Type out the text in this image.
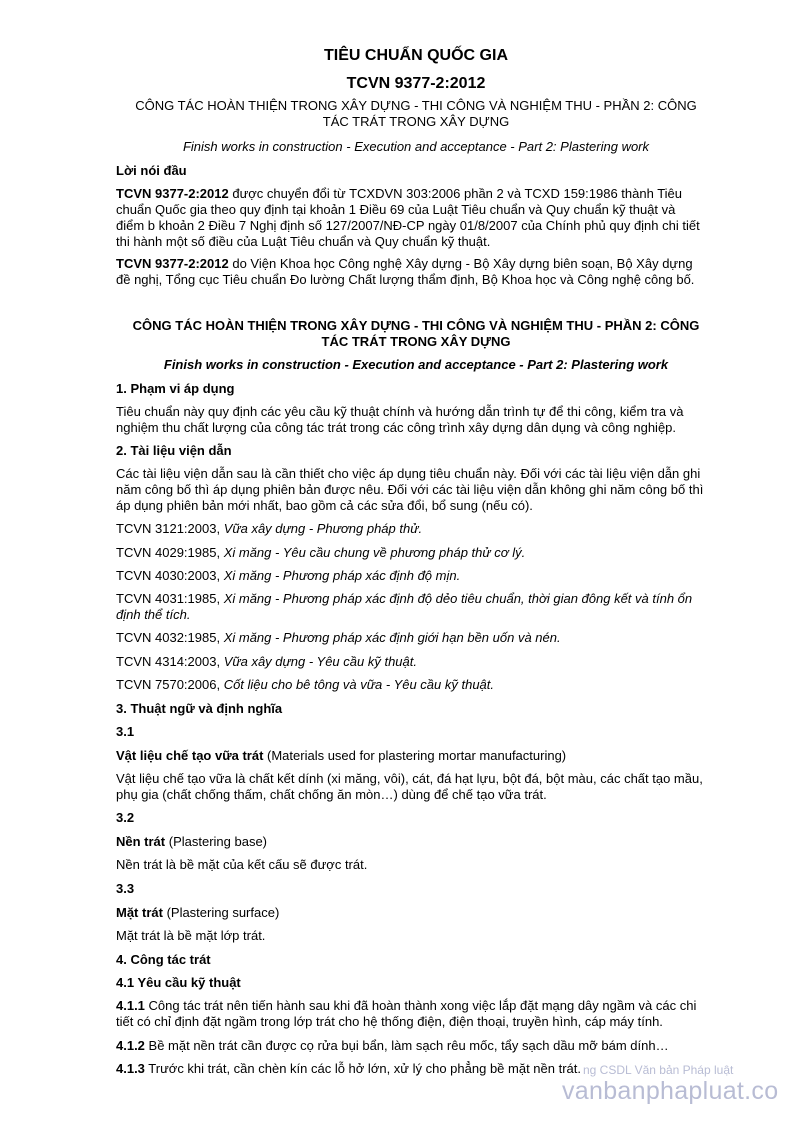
TIÊU CHUẨN QUỐC GIA

TCVN 9377-2:2012

CÔNG TÁC HOÀN THIỆN TRONG XÂY DỰNG - THI CÔNG VÀ NGHIỆM THU - PHẦN 2: CÔNG

TÁC TRÁT TRONG XÂY DỰNG

Finish works in construction - Execution and acceptance - Part 2: Plastering work

Lời nói đầu

TCVN 9377-2:2012 được chuyển đổi từ TCXDVN 303:2006 phần 2 và TCXD 159:1986 thành Tiêu

chuẩn Quốc gia theo quy định tại khoản 1 Điều 69 của Luật Tiêu chuẩn và Quy chuẩn kỹ thuật và

điểm b khoản 2 Điều 7 Nghị định số 127/2007/NĐ-CP ngày 01/8/2007 của Chính phủ quy định chi tiết

thi hành một số điều của Luật Tiêu chuẩn và Quy chuẩn kỹ thuật.

TCVN 9377-2:2012 do Viện Khoa học Công nghệ Xây dựng - Bộ Xây dựng biên soạn, Bộ Xây dựng

đề nghị, Tổng cục Tiêu chuẩn Đo lường Chất lượng thẩm định, Bộ Khoa học và Công nghệ công bố.

CÔNG TÁC HOÀN THIỆN TRONG XÂY DỰNG - THI CÔNG VÀ NGHIỆM THU - PHẦN 2: CÔNG

TÁC TRÁT TRONG XÂY DỰNG

Finish works in construction - Execution and acceptance - Part 2: Plastering work

1. Phạm vi áp dụng

Tiêu chuẩn này quy định các yêu cầu kỹ thuật chính và hướng dẫn trình tự để thi công, kiểm tra và

nghiệm thu chất lượng của công tác trát trong các công trình xây dựng dân dụng và công nghiệp.

2. Tài liệu viện dẫn

Các tài liệu viện dẫn sau là cần thiết cho việc áp dụng tiêu chuẩn này. Đối với các tài liệu viện dẫn ghi

năm công bố thì áp dụng phiên bản được nêu. Đối với các tài liệu viện dẫn không ghi năm công bố thì

áp dụng phiên bản mới nhất, bao gồm cả các sửa đổi, bổ sung (nếu có).

TCVN 3121:2003, Vữa xây dựng - Phương pháp thử.

TCVN 4029:1985, Xi măng - Yêu cầu chung về phương pháp thử cơ lý.

TCVN 4030:2003, Xi măng - Phương pháp xác định độ mịn.

TCVN 4031:1985, Xi măng - Phương pháp xác định độ dẻo tiêu chuẩn, thời gian đông kết và tính ổn

định thể tích.

TCVN 4032:1985, Xi măng - Phương pháp xác định giới hạn bền uốn và nén.

TCVN 4314:2003, Vữa xây dựng - Yêu cầu kỹ thuật.

TCVN 7570:2006, Cốt liệu cho bê tông và vữa - Yêu cầu kỹ thuật.

3. Thuật ngữ và định nghĩa

3.1

Vật liệu chế tạo vữa trát (Materials used for plastering mortar manufacturing)

Vật liệu chế tạo vữa là chất kết dính (xi măng, vôi), cát, đá hạt lựu, bột đá, bột màu, các chất tạo mầu,

phụ gia (chất chống thấm, chất chống ăn mòn…) dùng để chế tạo vữa trát.

3.2

Nền trát (Plastering base)

Nền trát là bề mặt của kết cấu sẽ được trát.

3.3

Mặt trát (Plastering surface)

Mặt trát là bề mặt lớp trát.

4. Công tác trát

4.1 Yêu cầu kỹ thuật

4.1.1 Công tác trát nên tiến hành sau khi đã hoàn thành xong việc lắp đặt mạng dây ngầm và các chi

tiết có chỉ định đặt ngầm trong lớp trát cho hệ thống điện, điện thoại, truyền hình, cáp máy tính.

4.1.2 Bề mặt nền trát cần được cọ rửa bụi bẩn, làm sạch rêu mốc, tẩy sạch dầu mỡ bám dính…

4.1.3 Trước khi trát, cần chèn kín các lỗ hở lớn, xử lý cho phẳng bề mặt nền trát. ng CSDL Văn bản Pháp luật
vanbanphapluat.co
